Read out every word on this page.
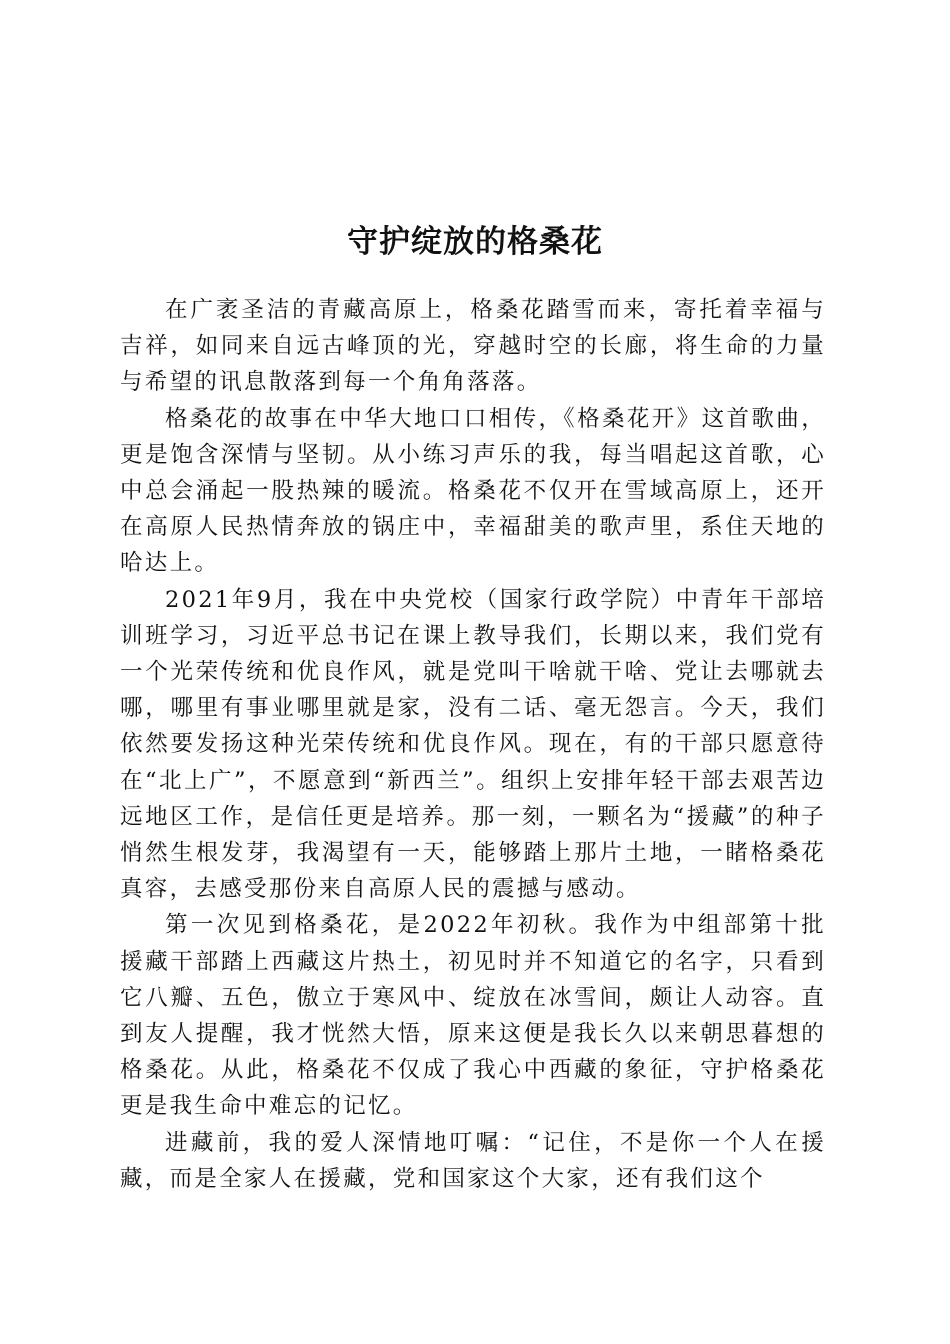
守护绽放的格桑花

在广袤圣洁的青藏高原上，格桑花踏雪而来，寄托着幸福与吉祥，如同来自远古峰顶的光，穿越时空的长廊，将生命的力量与希望的讯息散落到每一个角角落落。

格桑花的故事在中华大地口口相传，《格桑花开》这首歌曲，更是饱含深情与坚韧。从小练习声乐的我，每当唱起这首歌，心中总会涌起一股热辣的暖流。格桑花不仅开在雪域高原上，还开在高原人民热情奔放的锅庄中，幸福甜美的歌声里，系住天地的哈达上。

2021年9月，我在中央党校（国家行政学院）中青年干部培训班学习，习近平总书记在课上教导我们，长期以来，我们党有一个光荣传统和优良作风，就是党叫干啥就干啥、党让去哪就去哪，哪里有事业哪里就是家，没有二话、毫无怨言。今天，我们依然要发扬这种光荣传统和优良作风。现在，有的干部只愿意待在“北上广”，不愿意到“新西兰”。组织上安排年轻干部去艰苦边远地区工作，是信任更是培养。那一刻，一颗名为“援藏”的种子悄然生根发芽，我渴望有一天，能够踏上那片土地，一睹格桑花真容，去感受那份来自高原人民的震撼与感动。

第一次见到格桑花，是2022年初秋。我作为中组部第十批援藏干部踏上西藏这片热土，初见时并不知道它的名字，只看到它八瓣、五色，傲立于寒风中、绽放在冰雪间，颇让人动容。直到友人提醒，我才恍然大悟，原来这便是我长久以来朝思暮想的格桑花。从此，格桑花不仅成了我心中西藏的象征，守护格桑花更是我生命中难忘的记忆。

进藏前，我的爱人深情地叮嘱：“记住，不是你一个人在援藏，而是全家人在援藏，党和国家这个大家，还有我们这个
